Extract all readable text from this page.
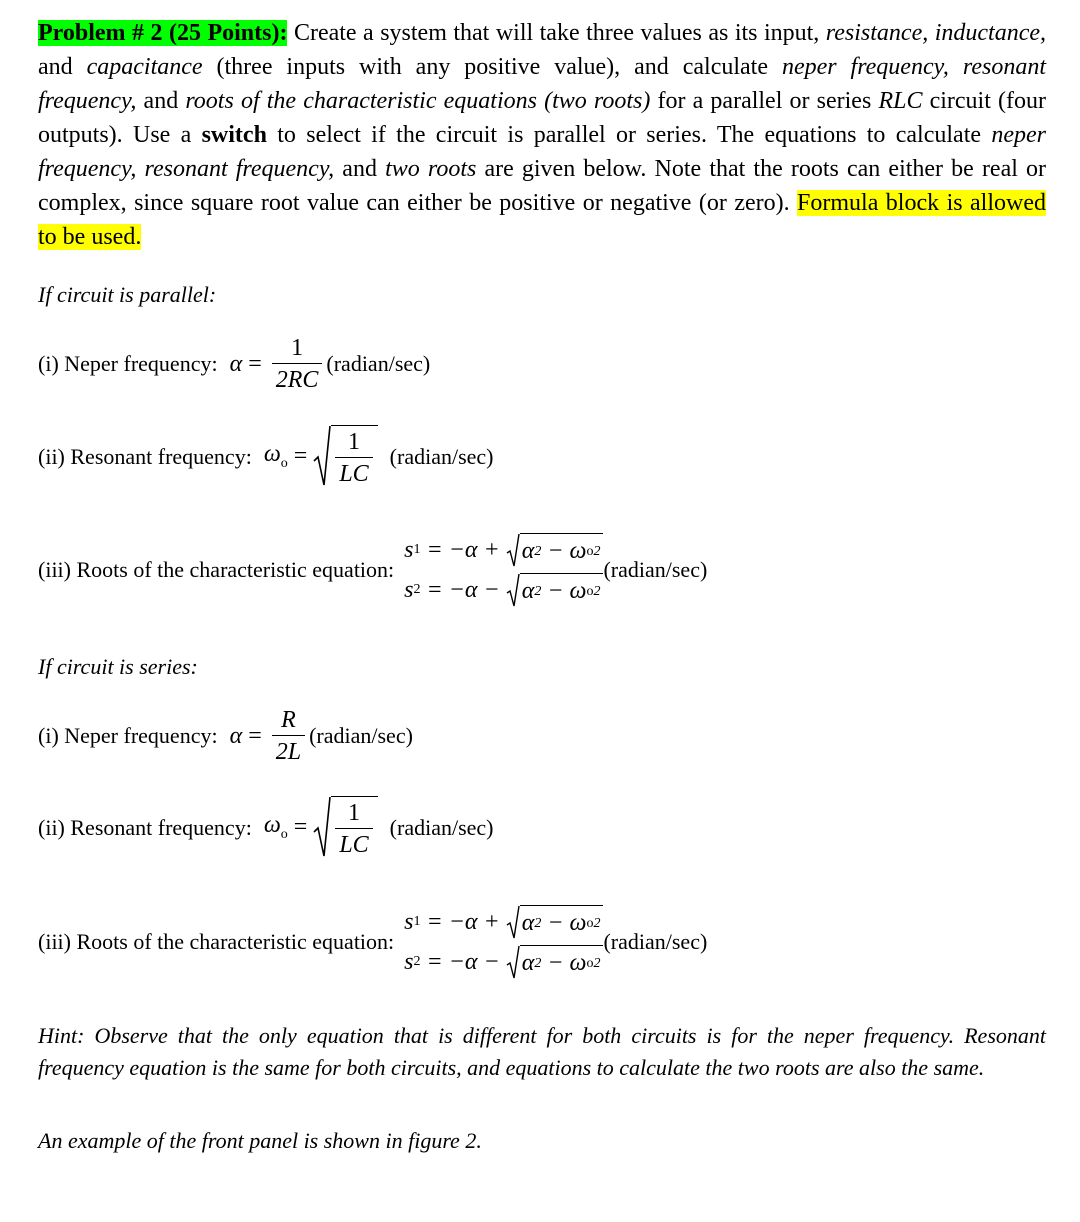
Problem # 2 (25 Points): Create a system that will take three values as its input, resistance, inductance, and capacitance (three inputs with any positive value), and calculate neper frequency, resonant frequency, and roots of the characteristic equations (two roots) for a parallel or series RLC circuit (four outputs). Use a switch to select if the circuit is parallel or series. The equations to calculate neper frequency, resonant frequency, and two roots are given below. Note that the roots can either be real or complex, since square root value can either be positive or negative (or zero). Formula block is allowed to be used.

If circuit is parallel:

(i) Neper frequency: $\alpha = \frac{1}{2RC}$ (radian/sec)
(ii) Resonant frequency: $\omega_o = \frac{1}{LC}$ (radian/sec)
(iii) Roots of the characteristic equation:
s 1 = −α + α 2 − ω o 2
s 2 = −α − α 2 − ω o 2
(radian/sec)

If circuit is series:

(i) Neper frequency: $\alpha = \frac{R}{2L}$ (radian/sec)
(ii) Resonant frequency: $\omega_o = \frac{1}{LC}$ (radian/sec)
(iii) Roots of the characteristic equation:
s 1 = −α + α 2 − ω o 2
s 2 = −α − α 2 − ω o 2
(radian/sec)

Hint: Observe that the only equation that is different for both circuits is for the neper frequency. Resonant frequency equation is the same for both circuits, and equations to calculate the two roots are also the same.

An example of the front panel is shown in figure 2.
